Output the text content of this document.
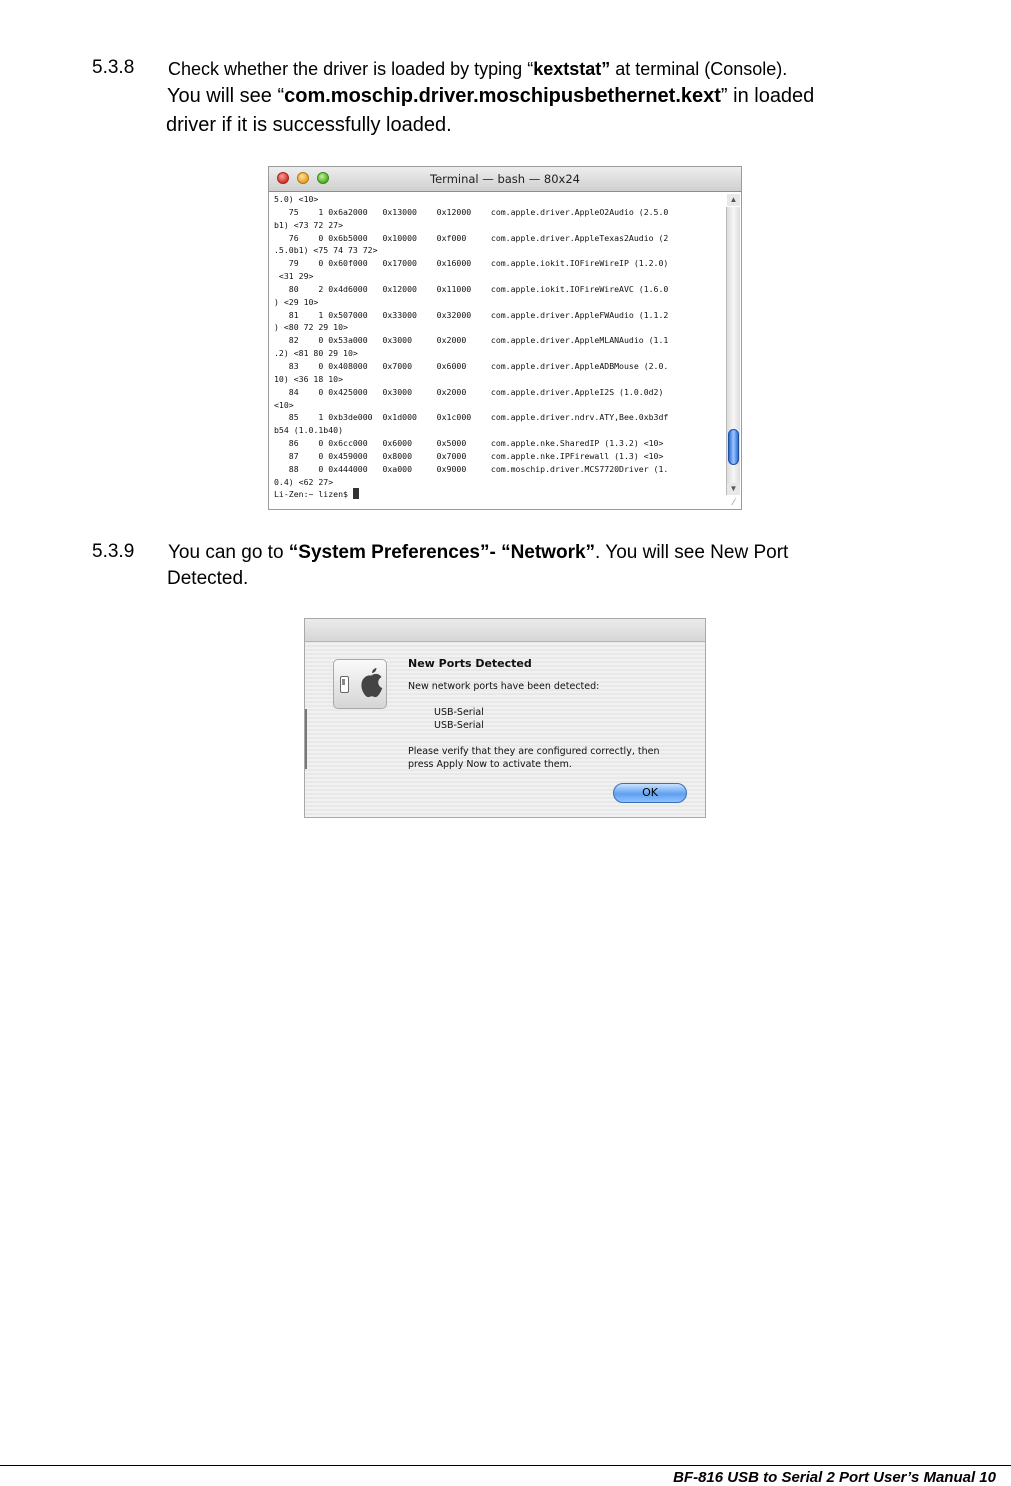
5.3.8 Check whether the driver is loaded by typing “kextstat” at terminal (Console).
You will see “com.moschip.driver.moschipusbethernet.kext” in loaded
driver if it is successfully loaded.
Terminal — bash — 80x24
5.0) <10>
75    1 0x6a2000   0x13000    0x12000    com.apple.driver.AppleO2Audio (2.5.0
b1) <73 72 27>
76    0 0x6b5000   0x10000    0xf000     com.apple.driver.AppleTexas2Audio (2
.5.0b1) <75 74 73 72>
79    0 0x60f000   0x17000    0x16000    com.apple.iokit.IOFireWireIP (1.2.0)
<31 29>
80    2 0x4d6000   0x12000    0x11000    com.apple.iokit.IOFireWireAVC (1.6.0
) <29 10>
81    1 0x507000   0x33000    0x32000    com.apple.driver.AppleFWAudio (1.1.2
) <80 72 29 10>
82    0 0x53a000   0x3000     0x2000     com.apple.driver.AppleMLANAudio (1.1
.2) <81 80 29 10>
83    0 0x408000   0x7000     0x6000     com.apple.driver.AppleADBMouse (2.0.
10) <36 18 10>
84    0 0x425000   0x3000     0x2000     com.apple.driver.AppleI2S (1.0.0d2)
<10>
85    1 0xb3de000  0x1d000    0x1c000    com.apple.driver.ndrv.ATY,Bee.0xb3df
b54 (1.0.1b40)
86    0 0x6cc000   0x6000     0x5000     com.apple.nke.SharedIP (1.3.2) <10>
87    0 0x459000   0x8000     0x7000     com.apple.nke.IPFirewall (1.3) <10>
88    0 0x444000   0xa000     0x9000     com.moschip.driver.MCS7720Driver (1.
0.4) <62 27>
Li-Zen:~ lizen$
▲
▼
⁄
5.3.9 You can go to “System Preferences”- “Network”. You will see New Port
Detected.
New Ports Detected
New network ports have been detected:
USB-Serial
USB-Serial
Please verify that they are configured correctly, then
press Apply Now to activate them.
OK
BF-816 USB to Serial 2 Port User’s Manual 10
